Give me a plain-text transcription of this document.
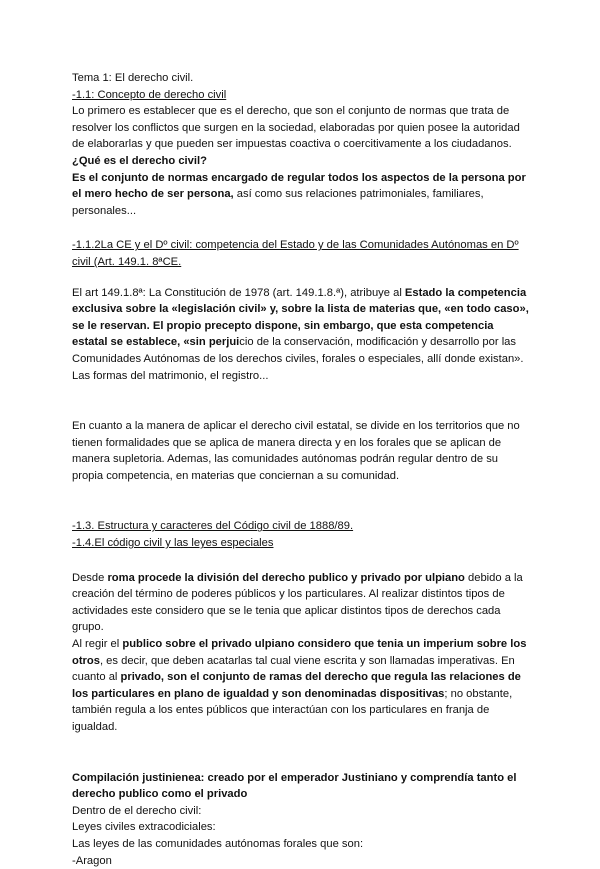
Tema 1: El derecho civil.

-1.1: Concepto de derecho civil

Lo primero es establecer que es el derecho, que son el conjunto de normas que trata de resolver los conflictos que surgen en la sociedad, elaboradas por quien posee la autoridad de elaborarlas y que pueden ser impuestas coactiva o coercitivamente a los ciudadanos.

¿Qué es el derecho civil?

Es el conjunto de normas encargado de regular todos los aspectos de la persona por el mero hecho de ser persona, así como sus relaciones patrimoniales, familiares, personales...

-1.1.2La CE y el Dº civil: competencia del Estado y de las Comunidades Autónomas en Dº civil (Art. 149.1. 8ªCE.

El art 149.1.8ª: La Constitución de 1978 (art. 149.1.8.ª), atribuye al Estado la competencia exclusiva sobre la «legislación civil» y, sobre la lista de materias que, «en todo caso», se le reservan. El propio precepto dispone, sin embargo, que esta competencia estatal se establece, «sin perjuicio de la conservación, modificación y desarrollo por las Comunidades Autónomas de los derechos civiles, forales o especiales, allí donde existan». Las formas del matrimonio, el registro...

En cuanto a la manera de aplicar el derecho civil estatal, se divide en los territorios que no tienen formalidades que se aplica de manera directa y en los forales que se aplican de manera supletoria. Ademas, las comunidades autónomas podrán regular dentro de su propia competencia, en materias que conciernan a su comunidad.

-1.3. Estructura y caracteres del Código civil de 1888/89.

-1.4.El código civil y las leyes especiales

Desde roma procede la división del derecho publico y privado por ulpiano debido a la creación del término de poderes públicos y los particulares. Al realizar distintos tipos de actividades este considero que se le tenia que aplicar distintos tipos de derechos cada grupo.

Al regir el publico sobre el privado ulpiano considero que tenia un imperium sobre los otros, es decir, que deben acatarlas tal cual viene escrita y son llamadas imperativas. En cuanto al privado, son el conjunto de ramas del derecho que regula las relaciones de los particulares en plano de igualdad y son denominadas dispositivas; no obstante, también regula a los entes públicos que interactúan con los particulares en franja de igualdad.

Compilación justinienea: creado por el emperador Justiniano y comprendía tanto el derecho publico como el privado

Dentro de el derecho civil:

Leyes civiles extracodiciales:

Las leyes de las comunidades autónomas forales que son:

-Aragon
